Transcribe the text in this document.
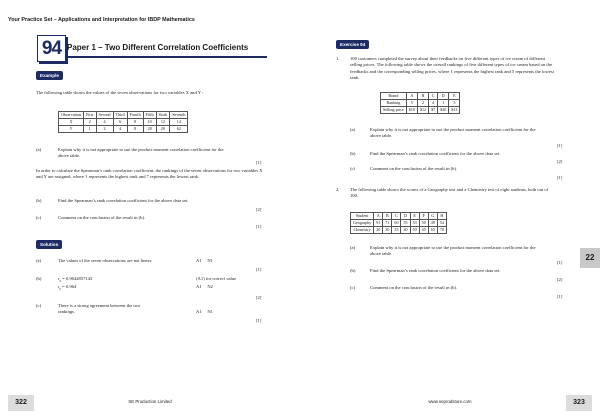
Your Practice Set – Applications and Interpretation for IBDP Mathematics
94 Paper 1 – Two Different Correlation Coefficients
Example
The following table shows the values of the seven observations for two variables X and Y :
Observation	First	Second	Third	Fourth	Fifth	Sixth	Seventh
X	2	4	6	8	10	12	14
Y	1	2	4	8	28	20	62
(a)	Explain why it is not appropriate to use the product moment correlation coefficient for the above table.
[1]
In order to calculate the Spearman’s rank correlation coefficient, the rankings of the seven observations for two variables X and Y are assigned, where 1 represents the highest rank and 7 represents the lowest rank.
(b)	Find the Spearman’s rank correlation coefficient for the above data set.
[2]
(c)	Comment on the conclusion of the result in (b).
[1]
Solution
(a)	The values of the seven observations are not linear.	A1     N1
[1]
(b)	$r_s = 0.9642857143$	(A1) for correct value
$r_s = 0.964$	A1     N2
[2]
(c)	There is a strong agreement between the two rankings.	A1     N1
[1]
322	SE Production Limited
Exercise 94
1. 100 customers completed the survey about their feedbacks on five different types of ice cream of different selling prices. The following table shows the overall rankings of five different types of ice cream based on the feedbacks and the corresponding selling prices, where 1 represents the highest rank and 5 represents the lowest rank.
Brand	A	B	C	D	E
Ranking	5	2	4	1	3
Selling price	$10	$12	$7	$20	$13
(a)	Explain why it is not appropriate to use the product moment correlation coefficient for the above table.
[1]
(b)	Find the Spearman’s rank correlation coefficient for the above data set.
[2]
(c)	Comment on the conclusion of the result in (b).
[1]
2. The following table shows the scores of a Geography test and a Chemistry test of eight students, both out of 100:
Student	A	B	C	D	E	F	G	H
Geography	91	71	60	55	53	50	49	54
Chemistry	20	30	35	40	50	45	65	70
(a)	Explain why it is not appropriate to use the product moment correlation coefficient for the above table.
[1]
(b)	Find the Spearman’s rank correlation coefficient for the above data set.
[2]
(c)	Comment on the conclusion of the result in (b).
[1]
22
323
www.seprodstore.com
